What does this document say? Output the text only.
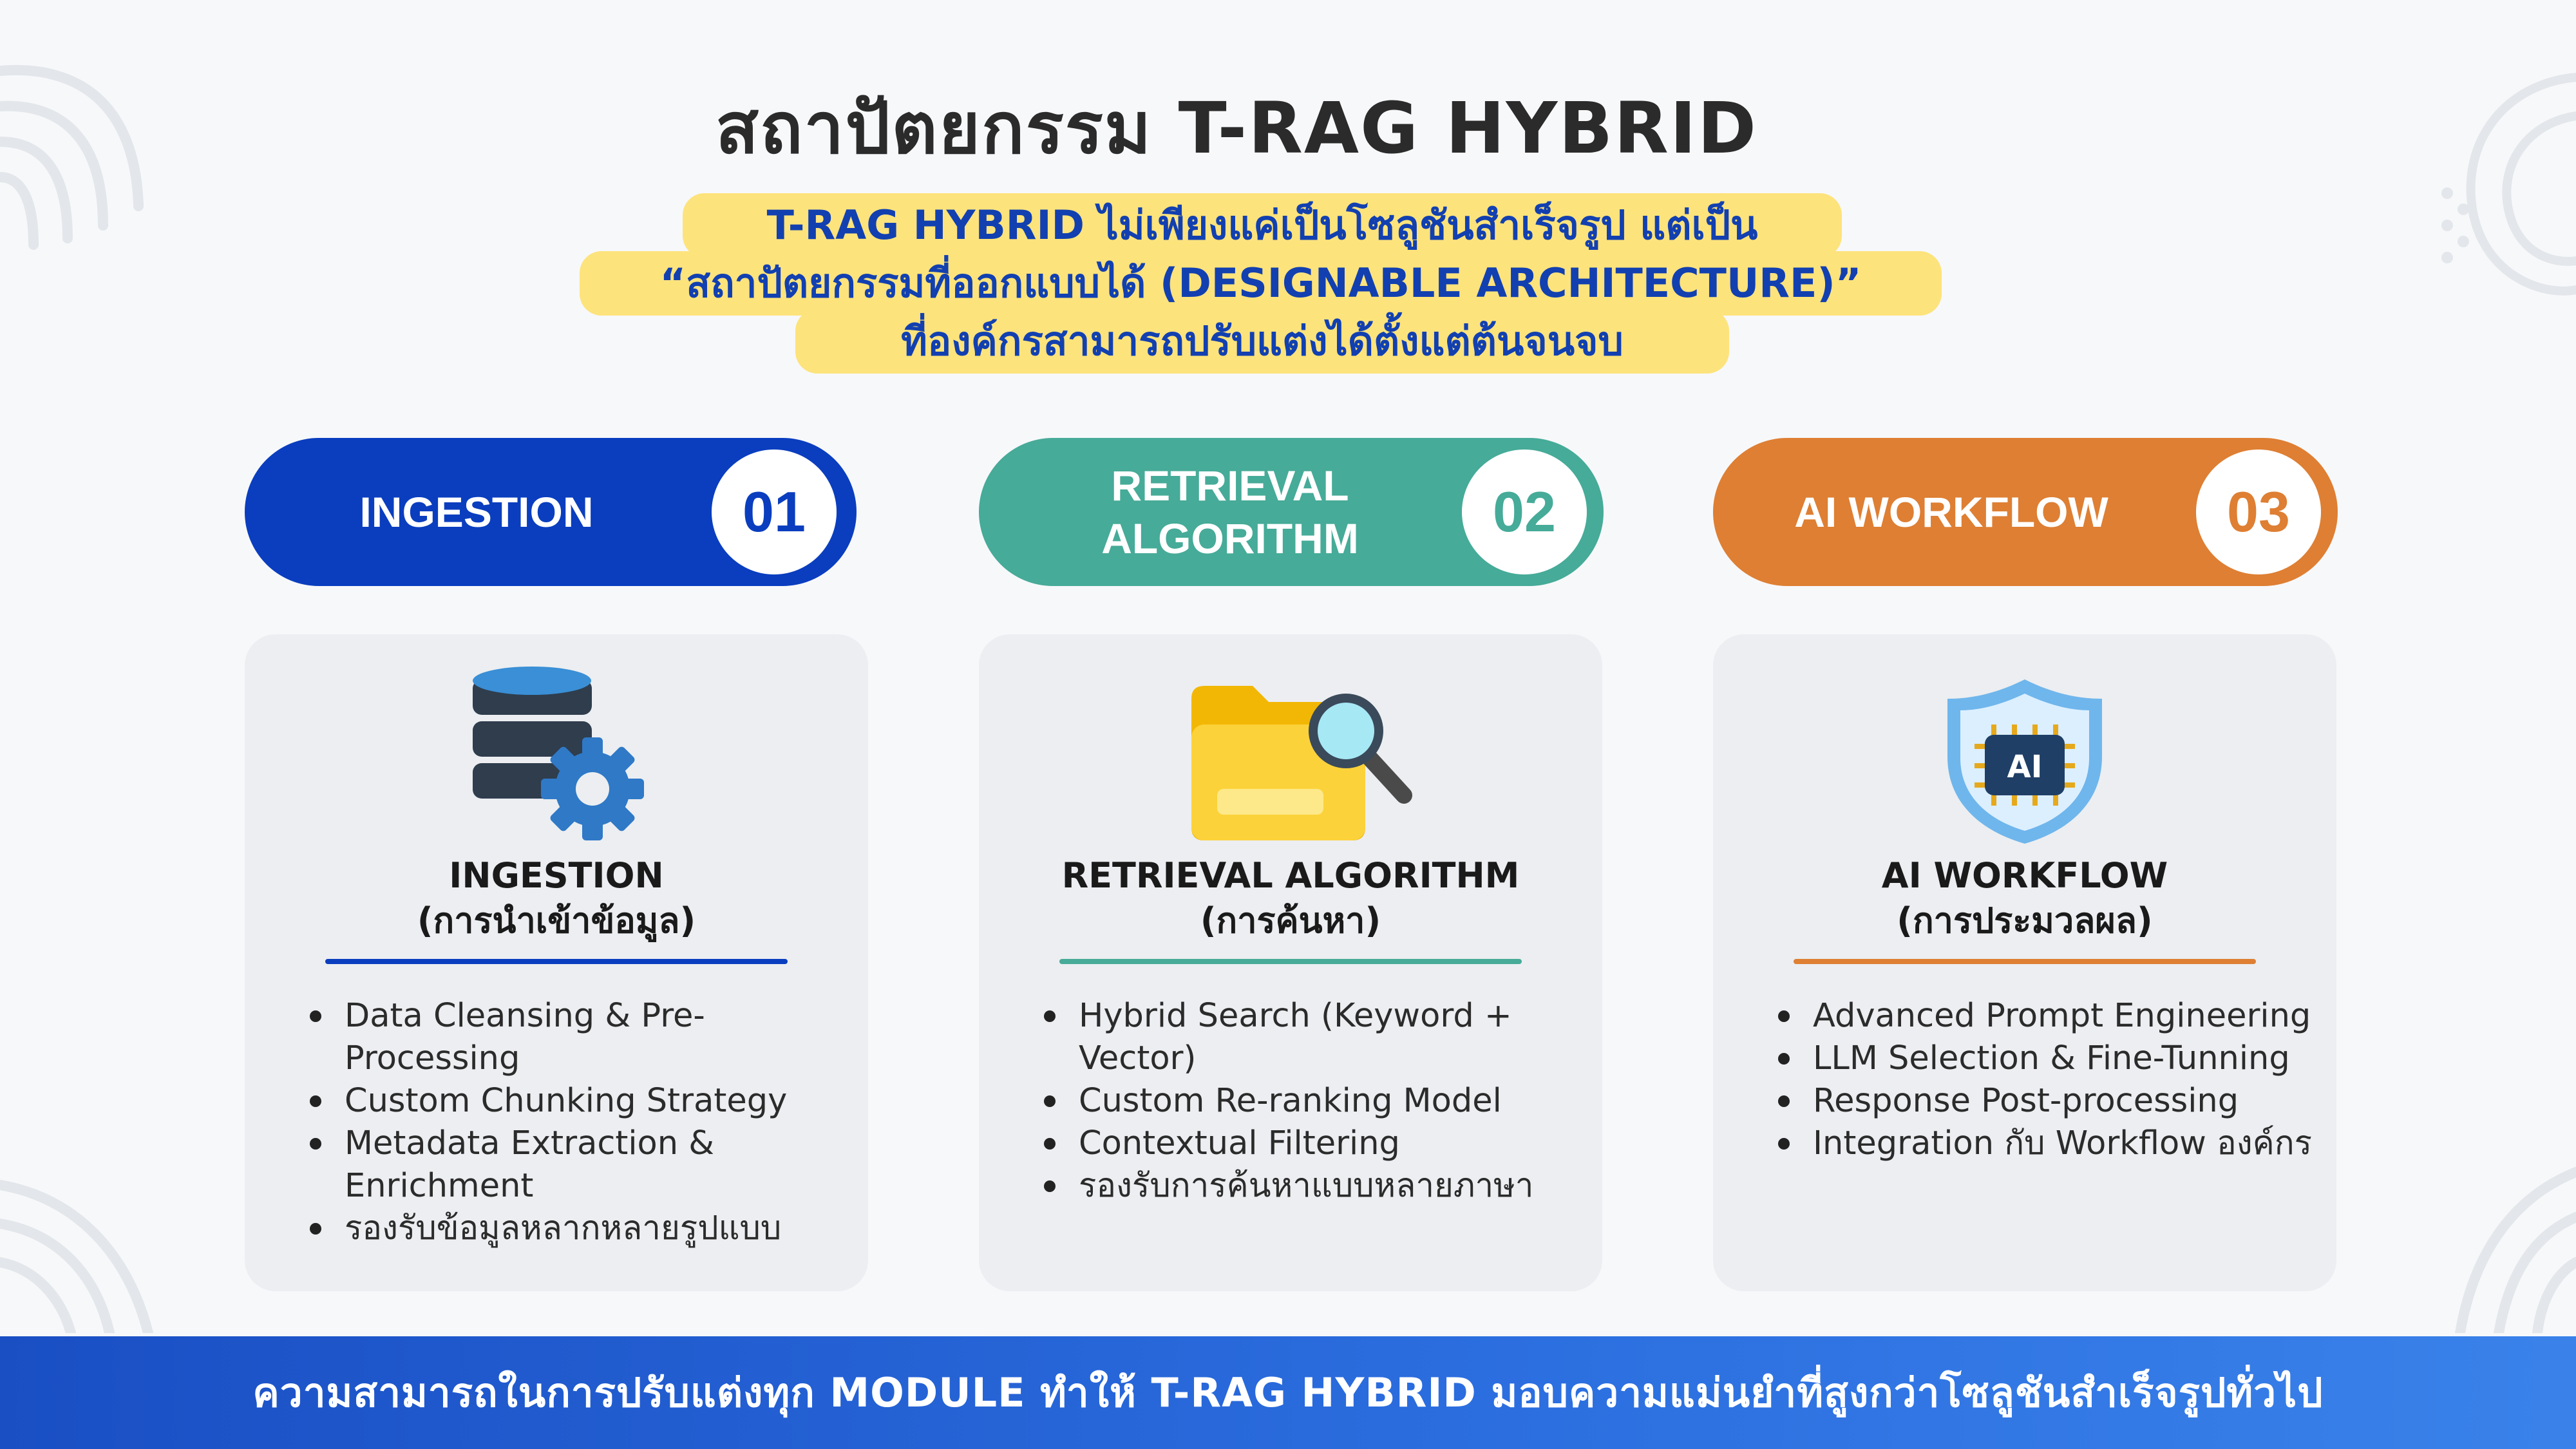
สถาปัตยกรรม T-RAG HYBRID
T-RAG HYBRID ไม่เพียงแค่เป็นโซลูชันสำเร็จรูป แต่เป็น
“สถาปัตยกรรมที่ออกแบบได้ (DESIGNABLE ARCHITECTURE)”
ที่องค์กรสามารถปรับแต่งได้ตั้งแต่ต้นจนจบ
INGESTION	01	RETRIEVAL
ALGORITHM	02	AI WORKFLOW	03
INGESTION
(การนำเข้าข้อมูล)
Data Cleansing & Pre-Processing
Custom Chunking Strategy
Metadata Extraction & Enrichment
รองรับข้อมูลหลากหลายรูปแบบ
RETRIEVAL ALGORITHM
(การค้นหา)
Hybrid Search (Keyword + Vector)
Custom Re-ranking Model
Contextual Filtering
รองรับการค้นหาแบบหลายภาษา
AI
AI WORKFLOW
(การประมวลผล)
Advanced Prompt Engineering
LLM Selection & Fine-Tunning
Response Post-processing
Integration กับ Workflow องค์กร
ความสามารถในการปรับแต่งทุก MODULE ทำให้ T-RAG HYBRID มอบความแม่นยำที่สูงกว่าโซลูชันสำเร็จรูปทั่วไป
